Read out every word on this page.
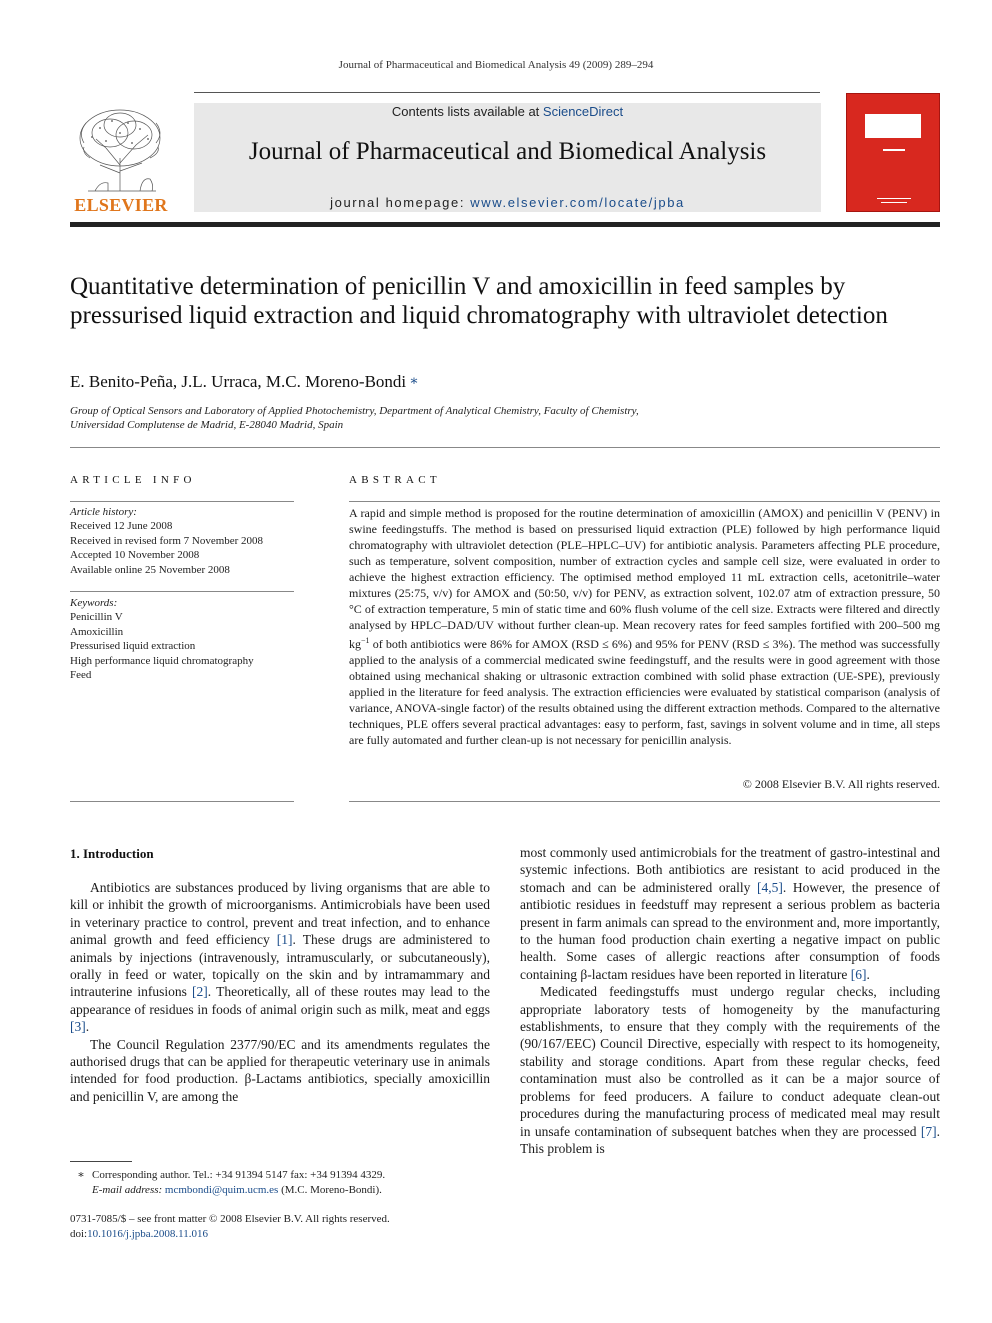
Journal of Pharmaceutical and Biomedical Analysis 49 (2009) 289–294
ELSEVIER
Contents lists available at ScienceDirect
Journal of Pharmaceutical and Biomedical Analysis
journal homepage: www.elsevier.com/locate/jpba
Quantitative determination of penicillin V and amoxicillin in feed samples by pressurised liquid extraction and liquid chromatography with ultraviolet detection
E. Benito-Peña, J.L. Urraca, M.C. Moreno-Bondi ∗
Group of Optical Sensors and Laboratory of Applied Photochemistry, Department of Analytical Chemistry, Faculty of Chemistry,
Universidad Complutense de Madrid, E-28040 Madrid, Spain
ARTICLE INFO
Article history:
Received 12 June 2008
Received in revised form 7 November 2008
Accepted 10 November 2008
Available online 25 November 2008
Keywords:
Penicillin V
Amoxicillin
Pressurised liquid extraction
High performance liquid chromatography
Feed
ABSTRACT
A rapid and simple method is proposed for the routine determination of amoxicillin (AMOX) and penicillin V (PENV) in swine feedingstuffs. The method is based on pressurised liquid extraction (PLE) followed by high performance liquid chromatography with ultraviolet detection (PLE–HPLC–UV) for antibiotic analysis. Parameters affecting PLE procedure, such as temperature, solvent composition, number of extraction cycles and sample cell size, were evaluated in order to achieve the highest extraction efficiency. The optimised method employed 11 mL extraction cells, acetonitrile–water mixtures (25:75, v/v) for AMOX and (50:50, v/v) for PENV, as extraction solvent, 102.07 atm of extraction pressure, 50 °C of extraction temperature, 5 min of static time and 60% flush volume of the cell size. Extracts were filtered and directly analysed by HPLC–DAD/UV without further clean-up. Mean recovery rates for feed samples fortified with 200–500 mg $kg^{-1}$ of both antibiotics were 86% for AMOX (RSD ≤ 6%) and 95% for PENV (RSD ≤ 3%). The method was successfully applied to the analysis of a commercial medicated swine feedingstuff, and the results were in good agreement with those obtained using mechanical shaking or ultrasonic extraction combined with solid phase extraction (UE-SPE), previously applied in the literature for feed analysis. The extraction efficiencies were evaluated by statistical comparison (analysis of variance, ANOVA-single factor) of the results obtained using the different extraction methods. Compared to the alternative techniques, PLE offers several practical advantages: easy to perform, fast, savings in solvent volume and in time, all steps are fully automated and further clean-up is not necessary for penicillin analysis.
© 2008 Elsevier B.V. All rights reserved.
1. Introduction

Antibiotics are substances produced by living organisms that are able to kill or inhibit the growth of microorganisms. Antimicrobials have been used in veterinary practice to control, prevent and treat infection, and to enhance animal growth and feed efficiency [1]. These drugs are administered to animals by injections (intravenously, intramuscularly, or subcutaneously), orally in feed or water, topically on the skin and by intramammary and intrauterine infusions [2]. Theoretically, all of these routes may lead to the appearance of residues in foods of animal origin such as milk, meat and eggs [3].

The Council Regulation 2377/90/EC and its amendments regulates the authorised drugs that can be applied for therapeutic veterinary use in animals intended for food production. β-Lactams antibiotics, specially amoxicillin and penicillin V, are among the

most commonly used antimicrobials for the treatment of gastro-intestinal and systemic infections. Both antibiotics are resistant to acid produced in the stomach and can be administered orally [4,5]. However, the presence of antibiotic residues in feedstuff may represent a serious problem as bacteria present in farm animals can spread to the environment and, more importantly, to the human food production chain exerting a negative impact on public health. Some cases of allergic reactions after consumption of foods containing β-lactam residues have been reported in literature [6].

Medicated feedingstuffs must undergo regular checks, including appropriate laboratory tests of homogeneity by the manufacturing establishments, to ensure that they comply with the requirements of the (90/167/EEC) Council Directive, especially with respect to its homogeneity, stability and storage conditions. Apart from these regular checks, feed contamination must also be controlled as it can be a major source of problems for feed producers. A failure to conduct adequate clean-out procedures during the manufacturing process of medicated meal may result in unsafe contamination of subsequent batches when they are processed [7]. This problem is

∗ Corresponding author. Tel.: +34 91394 5147 fax: +34 91394 4329.
E-mail address: mcmbondi@quim.ucm.es (M.C. Moreno-Bondi).
0731-7085/$ – see front matter © 2008 Elsevier B.V. All rights reserved.
doi:10.1016/j.jpba.2008.11.016
